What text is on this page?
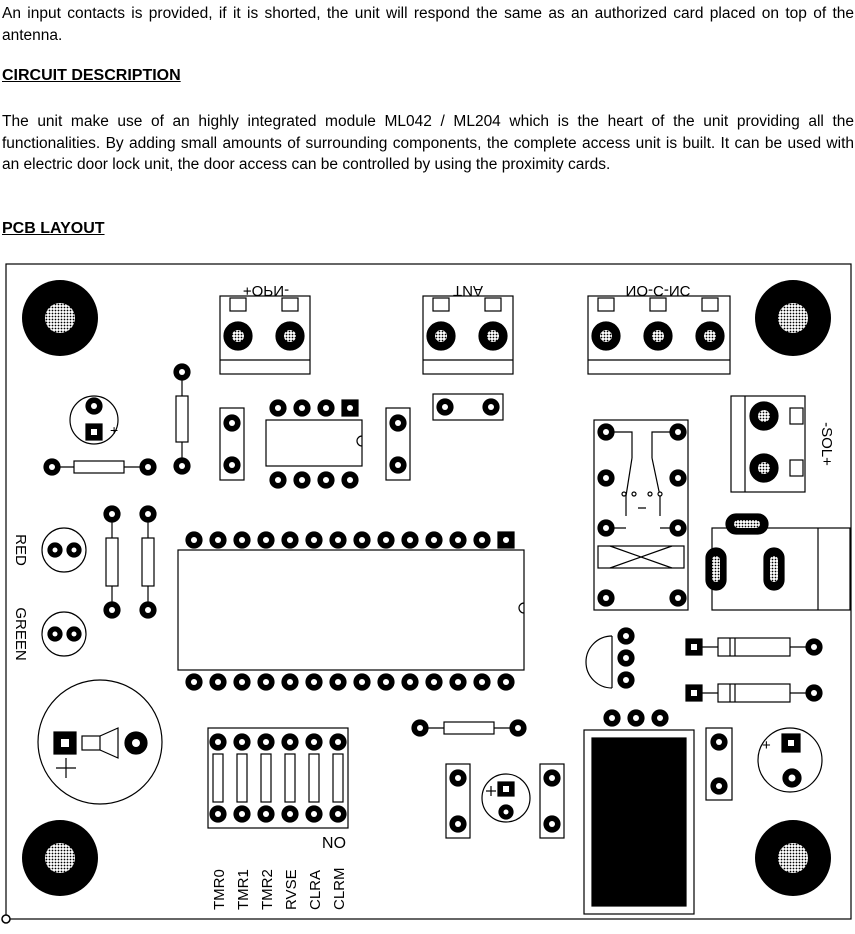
An input contacts is provided, if it is shorted, the unit will respond the same as an authorized card placed on top of the antenna.

CIRCUIT DESCRIPTION

The unit make use of an highly integrated module ML042 / ML204 which is the heart of the unit providing all the functionalities. By adding small amounts of surrounding components, the complete access unit is built. It can be used with an electric door lock unit, the door access can be controlled by using the proximity cards.

PCB LAYOUT
+OPN-	ANT	NO-C-NC
-SOL+
+
RED
GREEN
+
ON
TMR0 TMR1 TMR2 RVSE CLRA CLRM
